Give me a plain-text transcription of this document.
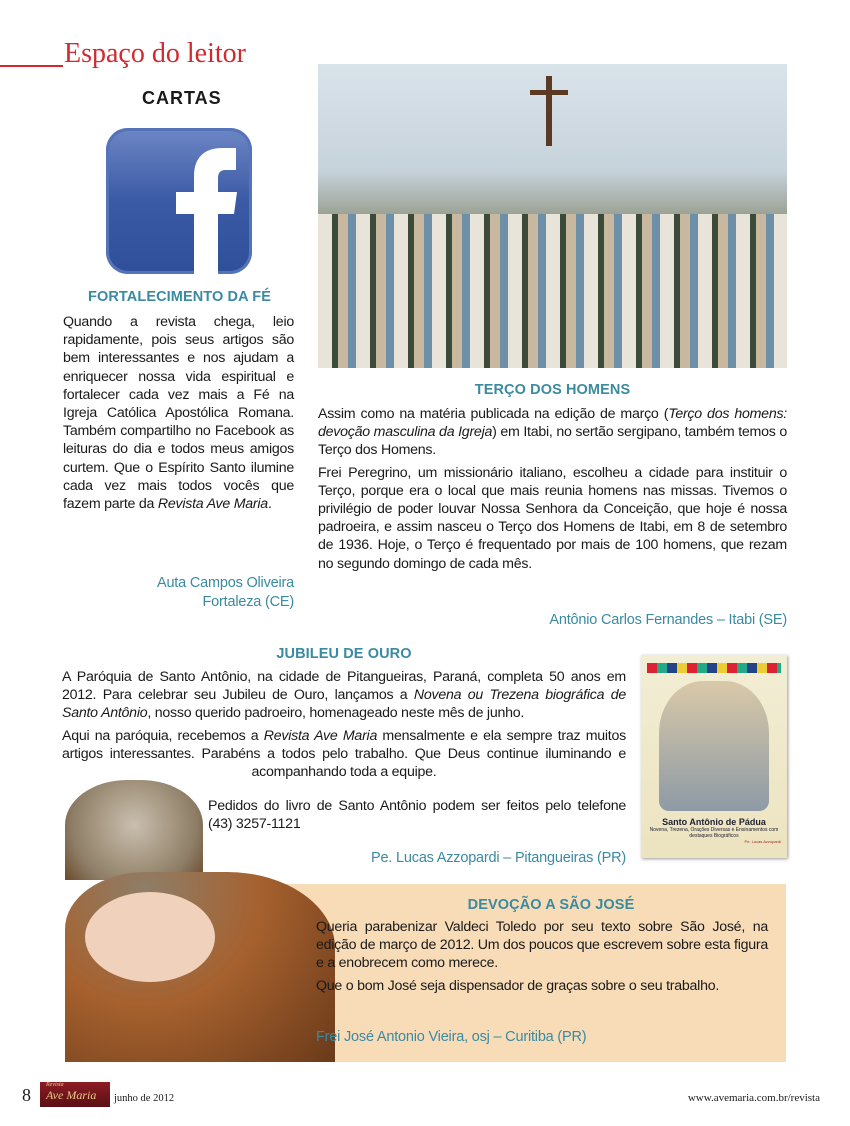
Espaço do leitor
CARTAS
FORTALECIMENTO DA FÉ
Quando a revista chega, leio rapidamente, pois seus artigos são bem interessantes e nos ajudam a enriquecer nossa vida espiritual e fortalecer cada vez mais a Fé na Igreja Católica Apostólica Romana. Também compartilho no Facebook as leituras do dia e todos meus amigos curtem. Que o Espírito Santo ilumine cada vez mais todos vocês que fazem parte da Revista Ave Maria.
Auta Campos Oliveira
Fortaleza (CE)
TERÇO DOS HOMENS

Assim como na matéria publicada na edição de março (Terço dos homens: devoção masculina da Igreja) em Itabi, no sertão sergipano, também temos o Terço dos Homens.

Frei Peregrino, um missionário italiano, escolheu a cidade para instituir o Terço, porque era o local que mais reunia homens nas missas. Tivemos o privilégio de poder louvar Nossa Senhora da Conceição, que hoje é nossa padroeira, e assim nasceu o Terço dos Homens de Itabi, em 8 de setembro de 1936. Hoje, o Terço é frequentado por mais de 100 homens, que rezam no segundo domingo de cada mês.

Antônio Carlos Fernandes – Itabi (SE)
JUBILEU DE OURO

A Paróquia de Santo Antônio, na cidade de Pitangueiras, Paraná, completa 50 anos em 2012. Para celebrar seu Jubileu de Ouro, lançamos a Novena ou Trezena biográfica de Santo Antônio, nosso querido padroeiro, homenageado neste mês de junho.

Aqui na paróquia, recebemos a Revista Ave Maria mensalmente e ela sempre traz muitos artigos interessantes. Parabéns a todos pelo trabalho. Que Deus continue iluminando e acompanhando toda a equipe.

Santo Antônio de Pádua
Novena, Trezena, Orações Diversas e Ensinamentos com destaques Biográficos
Pe. Lucas Azzopardi
Pedidos do livro de Santo Antônio podem ser feitos pelo telefone (43) 3257-1121
Pe. Lucas Azzopardi – Pitangueiras (PR)
DEVOÇÃO A SÃO JOSÉ

Queria parabenizar Valdeci Toledo por seu texto sobre São José, na edição de março de 2012. Um dos poucos que escrevem sobre esta figura e a enobrecem como merece.

Que o bom José seja dispensador de graças sobre o seu trabalho.

Frei José Antonio Vieira, osj – Curitiba (PR)
8	Revista
Ave Maria	junho de 2012	www.avemaria.com.br/revista
